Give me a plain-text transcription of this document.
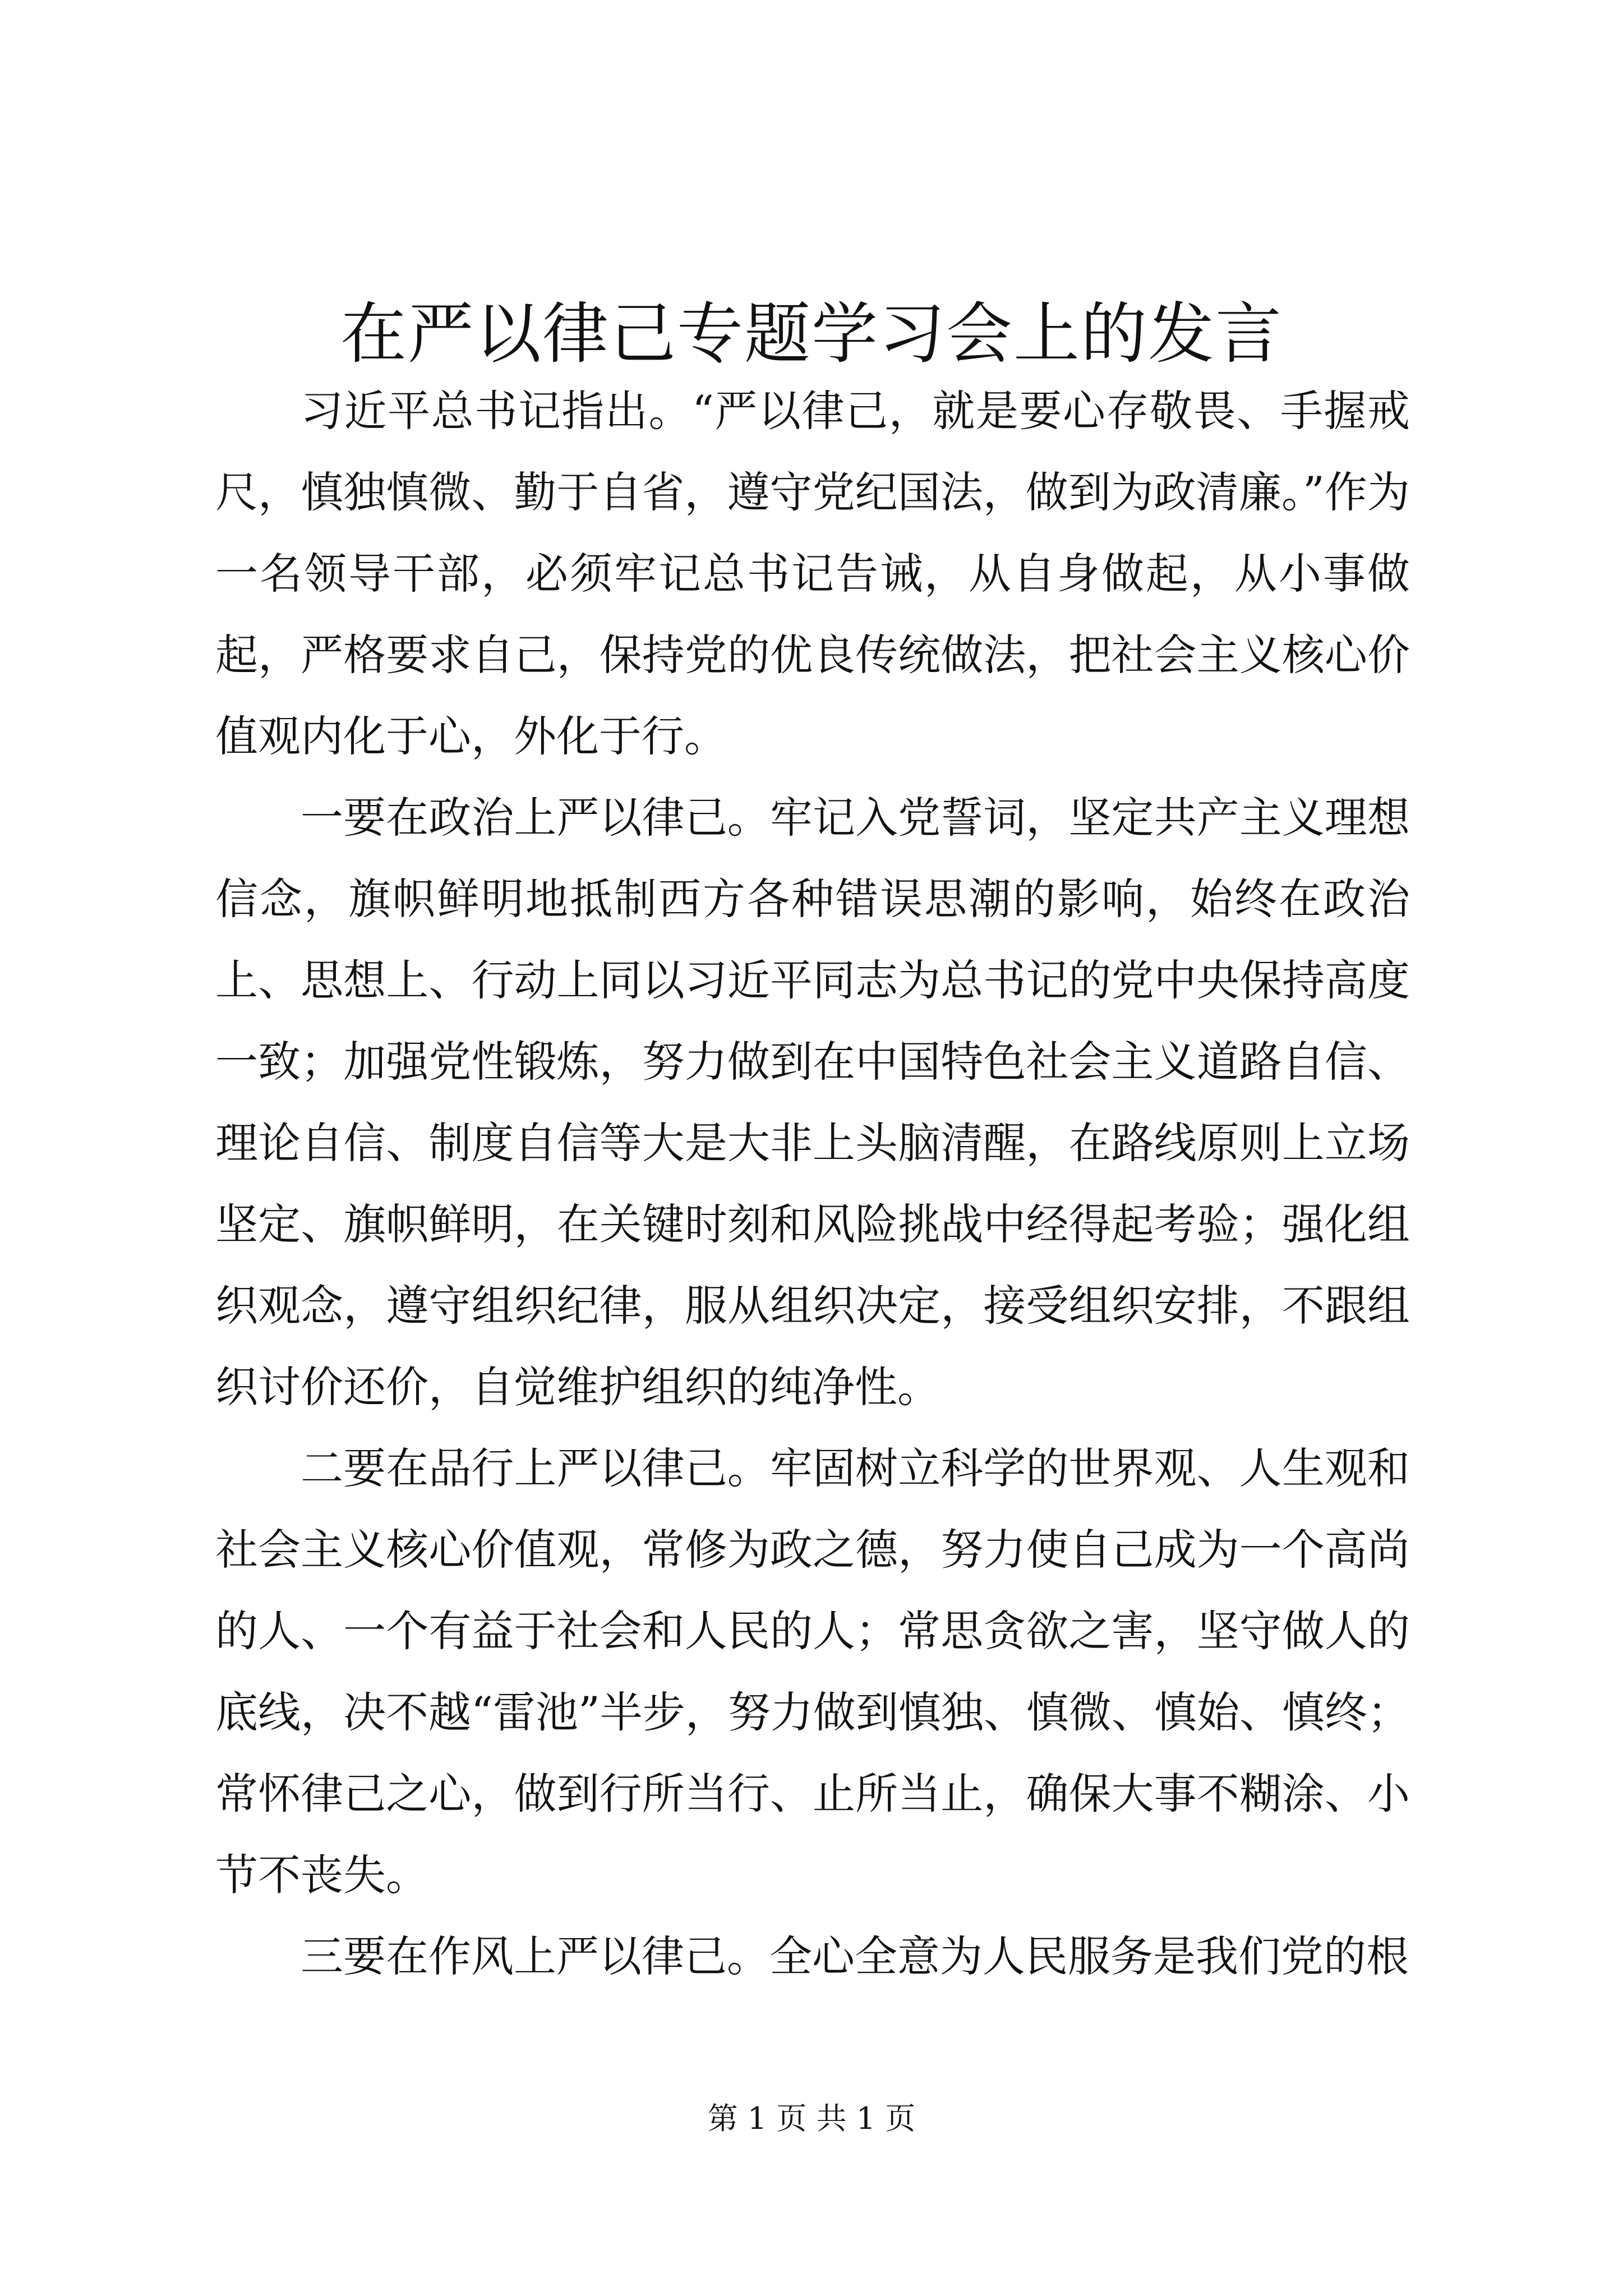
在严以律己专题学习会上的发言

习近平总书记指出。“严以律己，就是要心存敬畏、手握戒尺，慎独慎微、勤于自省，遵守党纪国法，做到为政清廉。”作为一名领导干部，必须牢记总书记告诫，从自身做起，从小事做起，严格要求自己，保持党的优良传统做法，把社会主义核心价值观内化于心，外化于行。

一要在政治上严以律己。牢记入党誓词，坚定共产主义理想信念，旗帜鲜明地抵制西方各种错误思潮的影响，始终在政治上、思想上、行动上同以习近平同志为总书记的党中央保持高度一致；加强党性锻炼，努力做到在中国特色社会主义道路自信、理论自信、制度自信等大是大非上头脑清醒，在路线原则上立场坚定、旗帜鲜明，在关键时刻和风险挑战中经得起考验；强化组织观念，遵守组织纪律，服从组织决定，接受组织安排，不跟组织讨价还价，自觉维护组织的纯净性。

二要在品行上严以律己。牢固树立科学的世界观、人生观和社会主义核心价值观，常修为政之德，努力使自己成为一个高尚的人、一个有益于社会和人民的人；常思贪欲之害，坚守做人的底线，决不越“雷池”半步，努力做到慎独、慎微、慎始、慎终；常怀律己之心，做到行所当行、止所当止，确保大事不糊涂、小节不丧失。

三要在作风上严以律己。全心全意为人民服务是我们党的根

第 1 页 共 1 页
